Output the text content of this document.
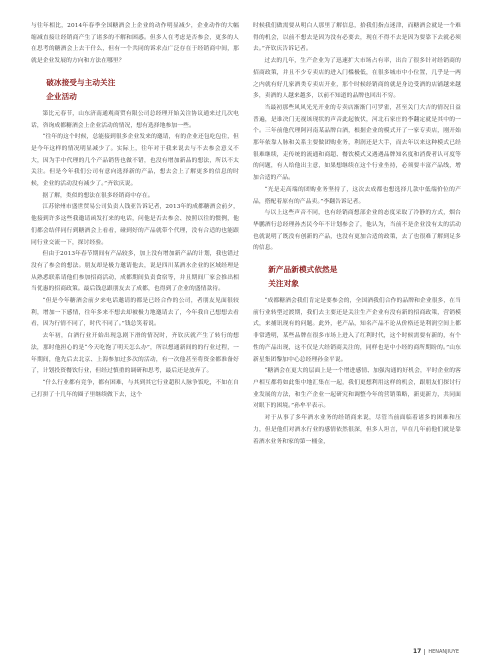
与往年相比，2014年春季全国糖酒会上企业的动作明显减少，企业动作的大幅缩减直接让经销商产生了诸多的不解和困惑。但多人在考虑是否参会，更多的人在思考的糖酒会上去干什么，但有一个共同的诉求点广泛存在于经销商中间，那就是企业发展的方向和方法在哪里？

破冰接受与主动关注

企业活动

第比元春节，山东济南通观商贸有限公司总经理开始关注协议通来过几次电话，咨询成都糖酒会上企业活动的情况，想有选择地参加一些。

“往年的这个时候，总能接到很多企业发来的邀请，有的企业还包吃包住，但是今年这样的情况明显减少了。实际上，往年对于我来说去与不去参会意义不大，因为手中代理的几个产品销售也做不错，也没有增加新品的想法，所以不太关注。但是今年我们公司有意向选择新的产品，想去会上了解更多的信息的时候，企业的活动没有减少了。”齐钦庆说。

据了解，类似的想法在很多经销商中存在。

江苏徐州市盛世贸易公司负责人钱亚告诉记者，2013年的成都糖酒会前夕，他接到许多这些我邀请函发打来的电话，问他是否去参会、按照以往的惯例，他们都会结伴同行到糖酒会上看看，碰到好的产品就带个代理，没有合适的也能跟同行业交流一下，探讨经验。

但由于2013年春节期间有产品较多，加上没有增加新产品的计划，我也错过没有了参会的想法。朋友却是极力邀请他去，说是四川某酒水企业的区域经理是从熟悉联系请他们参加招商活动，成都期间负责食宿等，并且期间厂家会推出相当优惠的招商政策。最后钱总跟朋友去了成都，也得到了企业的盛情款待。

“但是今年糖酒会前夕来电话邀请的都是已经合作的公司，者朋友见面很较利，增加一下感情，往年多来不想去却被极力地邀请去了，今年我自己想想去看看，因为行情不同了，时代不同了。”钱总笑着说。

去年初，白酒行业开始出现急剧下滑的情况时，齐钦庆就产生了转行的想法，那时他担心的是“今天吃饱了明天怎么办”，所以想通新间的的行业过程，一年期间，他先后去北京、上海参加过多次的活动，有一次他甚至将资金都准备好了，计划投资餐饮行业，但经过慎重的调研和思考，最后还是放弃了。

“什么行业都有竞争，都有困难，与其到其它行业超积人脉争饭吃，不如在自己打拼了十几年的圈子里继续做下去，这个

时候我们做需要从明白人那里了解信息，拾我们指点迷津，而糖酒会就是一个难得的机会，以前不想去是因为没有必要去，现在不得不去是因为要靠下去就必须去。”齐钦庆告诉记者。

过去的几年，生产企业为了迅速扩大市场占有率，出台了很多针对经销商的招商政策，并且不少专卖店的进入门槛极低，在很多城市中小位置，几乎是一两之内就有好几家酒类专卖店开业，那个时候经销商的就是身边受酒的店铺越来越多，卖酒的人越来越多，以前不知道的品牌也回出不穷。

当最初那些风风光光开业的专卖店渐渐门可罗雀，甚至关门大吉的情况日益普遍，是谁决门无视该现状的声音此起彼伏，河北石家庄的李翻定就是其中的一个。三年前他代理阿河南某品牌白酒，根据企业的模式开了一家专卖店，刚开始那年依靠人脉和关系主要做团购业务，利润还是大手，而去年以来这种模式已经很难继续，走传统的流通和商超、餐饮模式又遇遇品牌知名度和消费者认可度等的问题，有人给他出主意，如果想继续在这个行业坐持，必须要丰富产品线，增加合适的产品。

“光是走高端的团购业务坚持了，这次去成都也想选择几款中低端价位的产品，搭配着原有的产品卖。”李翻告诉记者。

与以上这些声音不同，也有经销商想部企业的态度采取了冷静的方式，烟台华鹏酒行总经理孙杰民今年不计划参会了，他认为，当前不是企业没有太的活动也就说明了既没有创新的产品，也没有更加合适的政策，去了也很难了解到足多的信息。

新产品新模式依然是

关注对象

“成都糖酒会我们肯定是要参会的，全国酒我们合作的品牌和企业很多，在当前行业转型过渡期，我们去主要还是关注生产企业有没有新的招商政策，营销模式，来捕讯现有的问题。此外，老产品，知名产品不论从价格还是利润空间上都非常透明，某些品牌在很多市场上进入了红利时代，这个时候需要有新的，有个性的产品出现，这不仅是大经销商关注的，同样也是中小经的商所期盼的。”山东新星集团黎加中心总经理孙金平说。

“糖酒会在更大的层面上是一个增进感情、加强沟通的好机会，平时企业的客户相互都将如此集中地汇集在一起，我们更想利用这样的机会，跟朋友们探讨行业发展的方法，和生产企业一起研究和调整今年的营销策略，新更新力，共同面对眼下的困境。”孙牟平表示。

对于从事了多年酒水业务的经销商来说，尽管当前面临着诸多的困难和压力，但是他们对酒水行业的感情依然很深，但多人坦言，早在几年前他们就是靠着酒水业务和家的第一桶金，

17 HENANJIUYE
